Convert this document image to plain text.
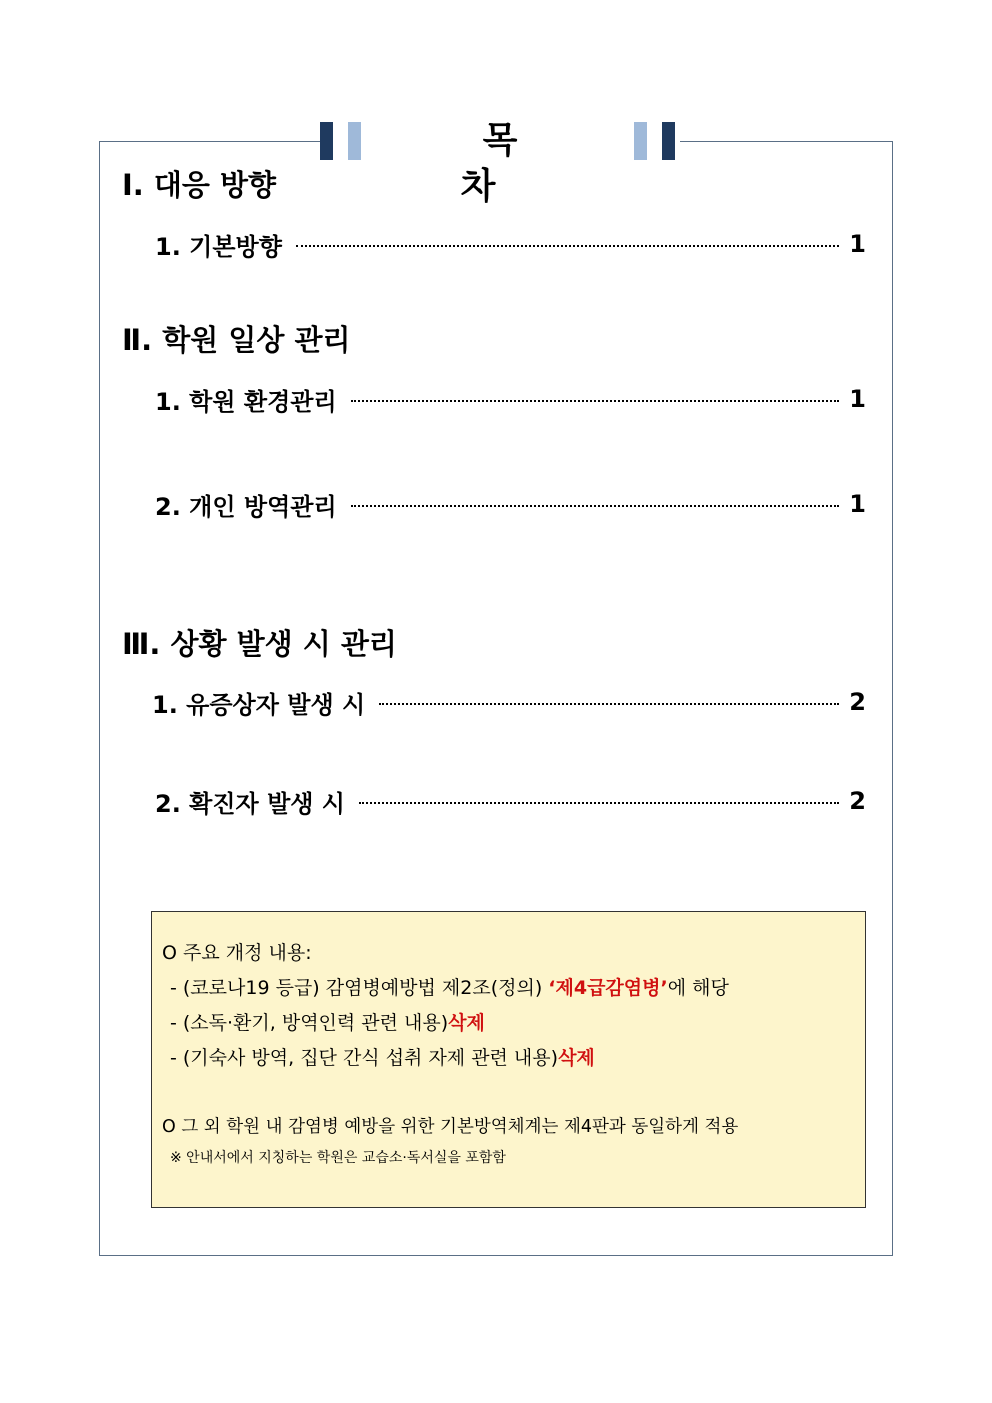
목 차
Ⅰ. 대응 방향
1. 기본방향	1
Ⅱ. 학원 일상 관리
1. 학원 환경관리	1
2. 개인 방역관리	1
Ⅲ. 상황 발생 시 관리
1. 유증상자 발생 시	2
2. 확진자 발생 시	2
O 주요 개정 내용:
- (코로나19 등급) 감염병예방법 제2조(정의) ‘제4급감염병’에 해당
- (소독·환기, 방역인력 관련 내용)삭제
- (기숙사 방역, 집단 간식 섭취 자제 관련 내용)삭제
O 그 외 학원 내 감염병 예방을 위한 기본방역체계는 제4판과 동일하게 적용
※ 안내서에서 지칭하는 학원은 교습소·독서실을 포함함
